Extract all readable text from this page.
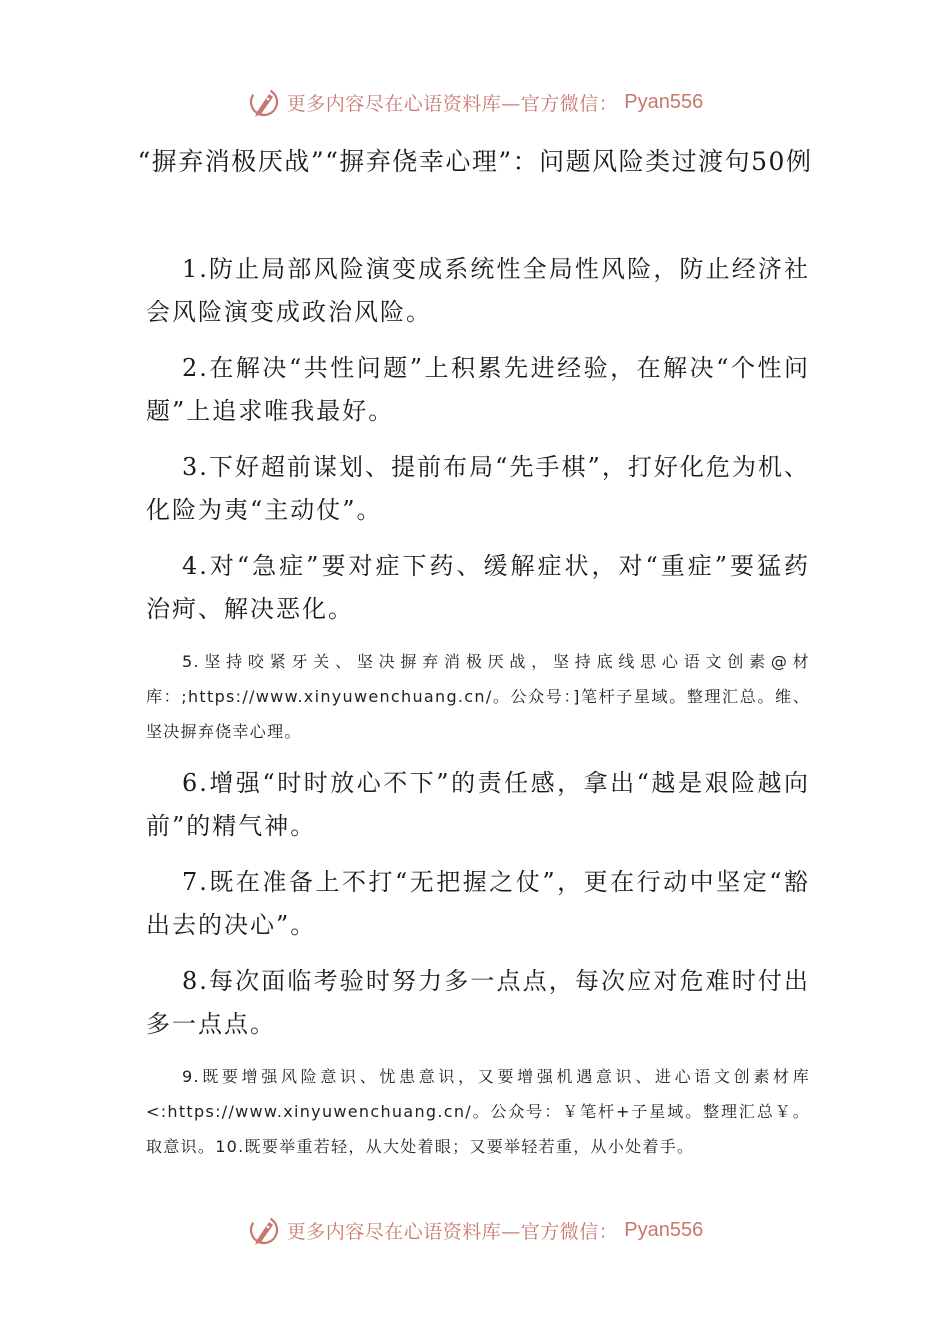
更多内容尽在心语资料库—官方微信： Pyan556
“摒弃消极厌战”“摒弃侥幸心理”：问题风险类过渡句50例

1.防止局部风险演变成系统性全局性风险，防止经济社会风险演变成政治风险。

2.在解决“共性问题”上积累先进经验，在解决“个性问题”上追求唯我最好。

3.下好超前谋划、提前布局“先手棋”，打好化危为机、化险为夷“主动仗”。

4.对“急症”要对症下药、缓解症状，对“重症”要猛药治疴、解决恶化。

5.坚持咬紧牙关、坚决摒弃消极厌战，坚持底线思心语文创素@材库：;https://www.xinyuwenchuang.cn/。公众号：]笔杆子星域。整理汇总。维、坚决摒弃侥幸心理。

6.增强“时时放心不下”的责任感，拿出“越是艰险越向前”的精气神。

7.既在准备上不打“无把握之仗”，更在行动中坚定“豁出去的决心”。

8.每次面临考验时努力多一点点，每次应对危难时付出多一点点。

9.既要增强风险意识、忧患意识，又要增强机遇意识、进心语文创素材库<:https://www.xinyuwenchuang.cn/。公众号：￥笔杆+子星域。整理汇总￥。取意识。10.既要举重若轻，从大处着眼；又要举轻若重，从小处着手。

更多内容尽在心语资料库—官方微信： Pyan556
